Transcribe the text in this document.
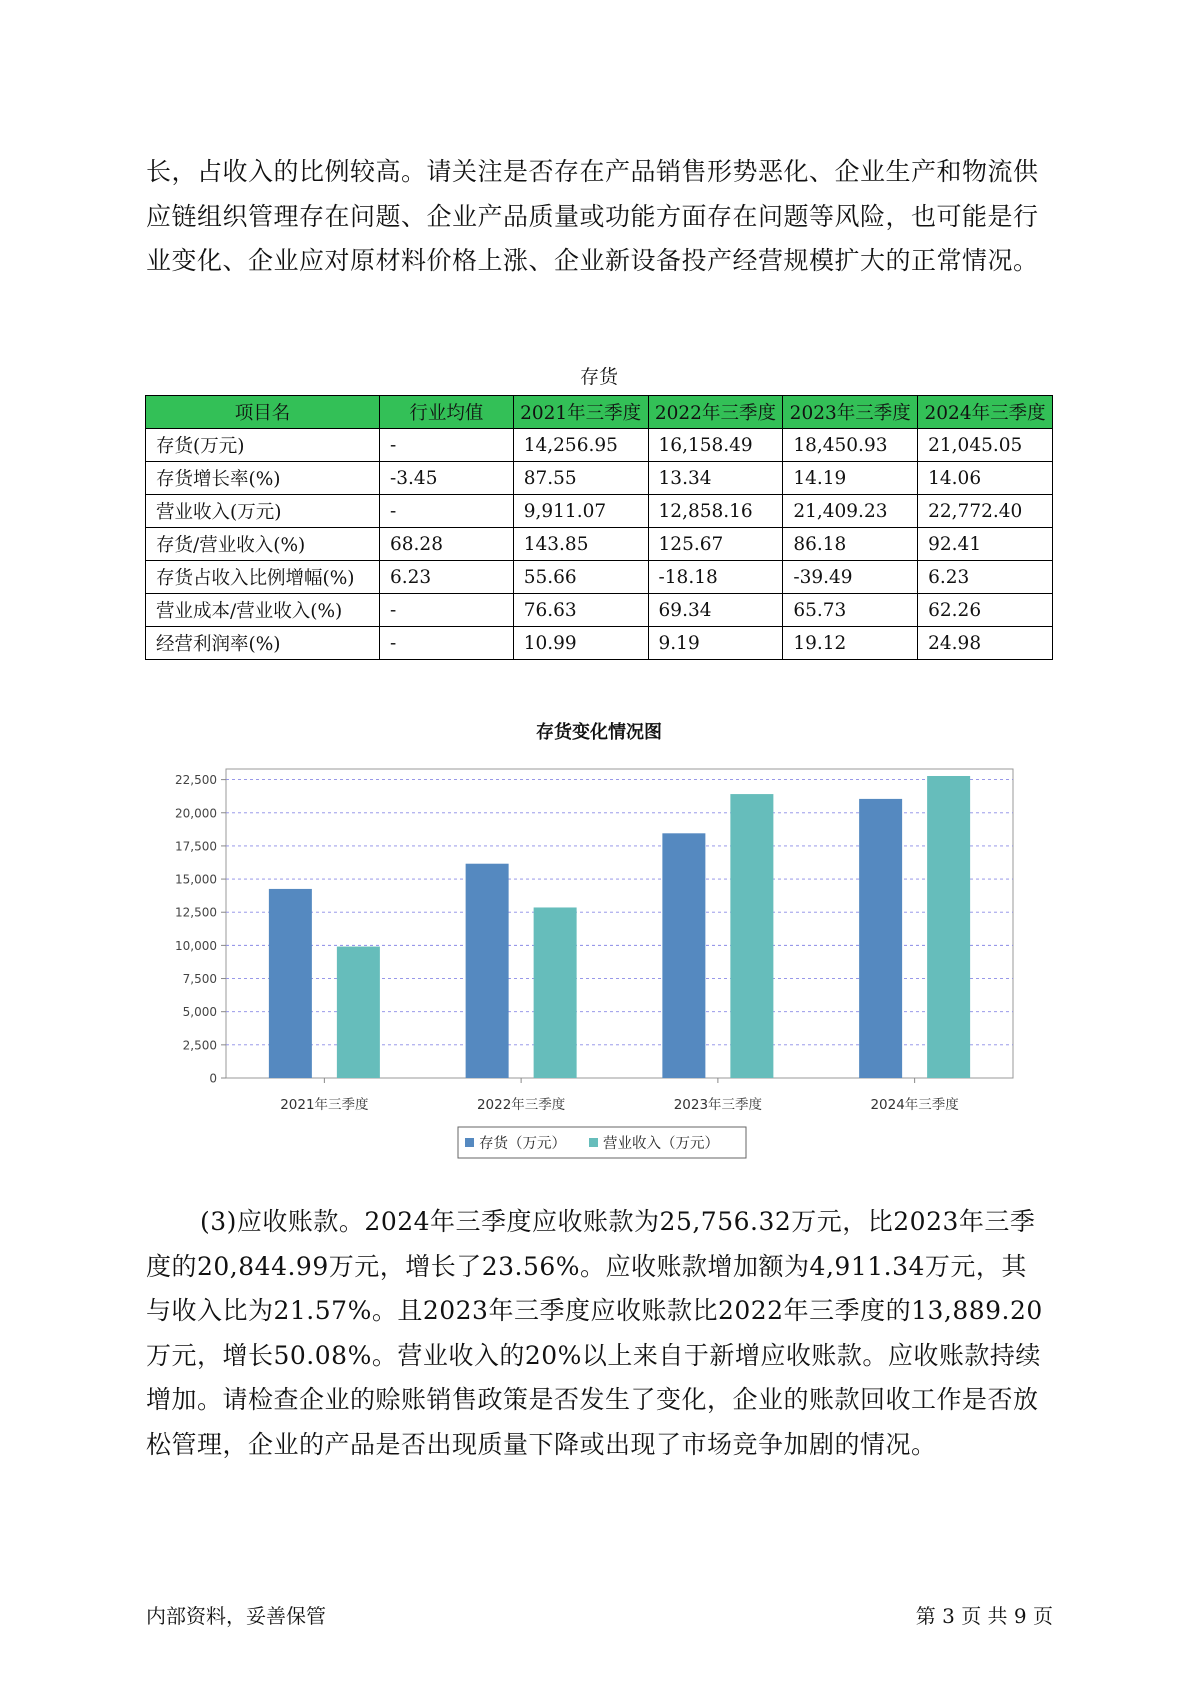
长，占收入的比例较高。请关注是否存在产品销售形势恶化、企业生产和物流供应链组织管理存在问题、企业产品质量或功能方面存在问题等风险，也可能是行业变化、企业应对原材料价格上涨、企业新设备投产经营规模扩大的正常情况。

存货
项目名	行业均值	2021年三季度	2022年三季度	2023年三季度	2024年三季度
存货(万元)	-	14,256.95	16,158.49	18,450.93	21,045.05
存货增长率(%)	-3.45	87.55	13.34	14.19	14.06
营业收入(万元)	-	9,911.07	12,858.16	21,409.23	22,772.40
存货/营业收入(%)	68.28	143.85	125.67	86.18	92.41
存货占收入比例增幅(%)	6.23	55.66	-18.18	-39.49	6.23
营业成本/营业收入(%)	-	76.63	69.34	65.73	62.26
经营利润率(%)	-	10.99	9.19	19.12	24.98
存货变化情况图
0
2,500
5,000
7,500
10,000
12,500
15,000
17,500
20,000
22,500
2021年三季度	2022年三季度	2023年三季度	2024年三季度
存货（万元）	营业收入（万元）

(3)应收账款。2024年三季度应收账款为25,756.32万元，比2023年三季度的20,844.99万元，增长了23.56%。应收账款增加额为4,911.34万元，其与收入比为21.57%。且2023年三季度应收账款比2022年三季度的13,889.20万元，增长50.08%。营业收入的20%以上来自于新增应收账款。应收账款持续增加。请检查企业的赊账销售政策是否发生了变化，企业的账款回收工作是否放松管理，企业的产品是否出现质量下降或出现了市场竞争加剧的情况。

内部资料，妥善保管	第 3 页 共 9 页
